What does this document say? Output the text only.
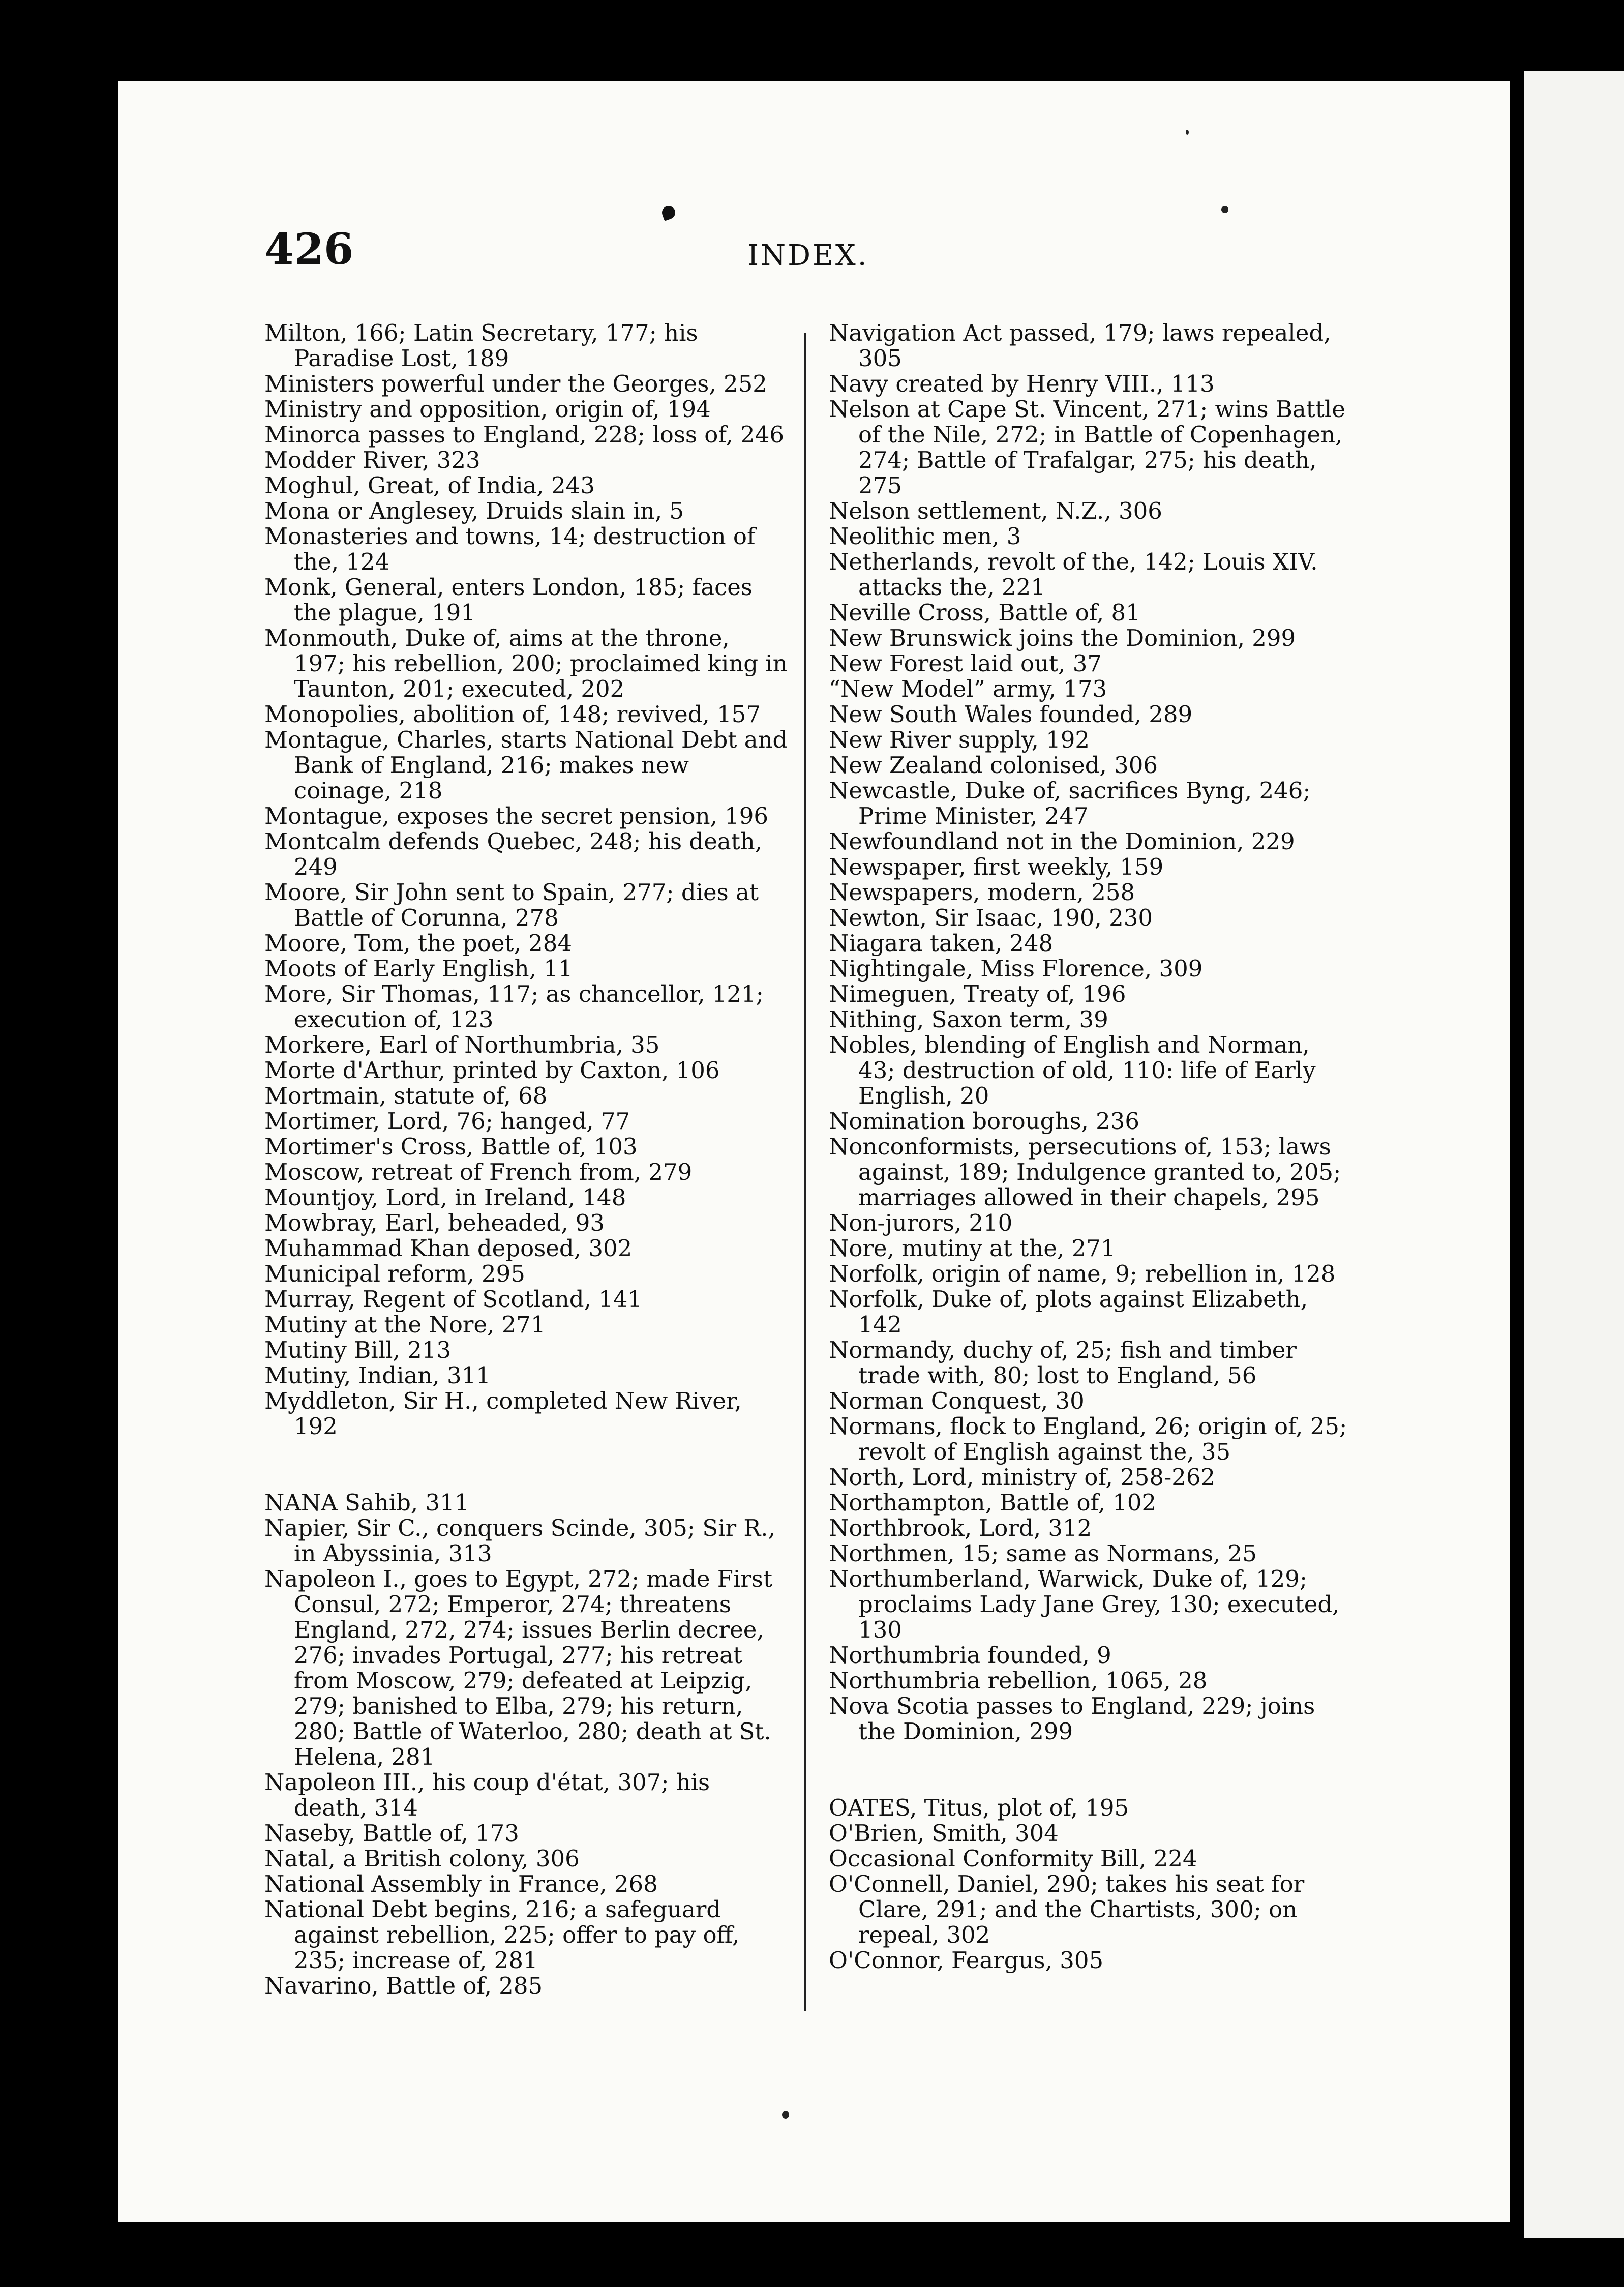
426	INDEX.

Milton, 166; Latin Secretary, 177; his Paradise Lost, 189

Ministers powerful under the Georges, 252

Ministry and opposition, origin of, 194

Minorca passes to England, 228; loss of, 246

Modder River, 323

Moghul, Great, of India, 243

Mona or Anglesey, Druids slain in, 5

Monasteries and towns, 14; destruction of the, 124

Monk, General, enters London, 185; faces the plague, 191

Monmouth, Duke of, aims at the throne, 197; his rebellion, 200; proclaimed king in Taunton, 201; executed, 202

Monopolies, abolition of, 148; revived, 157

Montague, Charles, starts National Debt and Bank of England, 216; makes new coinage, 218

Montague, exposes the secret pension, 196

Montcalm defends Quebec, 248; his death, 249

Moore, Sir John sent to Spain, 277; dies at Battle of Corunna, 278

Moore, Tom, the poet, 284

Moots of Early English, 11

More, Sir Thomas, 117; as chancellor, 121; execution of, 123

Morkere, Earl of Northumbria, 35

Morte d'Arthur, printed by Caxton, 106

Mortmain, statute of, 68

Mortimer, Lord, 76; hanged, 77

Mortimer's Cross, Battle of, 103

Moscow, retreat of French from, 279

Mountjoy, Lord, in Ireland, 148

Mowbray, Earl, beheaded, 93

Muhammad Khan deposed, 302

Municipal reform, 295

Murray, Regent of Scotland, 141

Mutiny at the Nore, 271

Mutiny Bill, 213

Mutiny, Indian, 311

Myddleton, Sir H., completed New River, 192

NANA Sahib, 311

Napier, Sir C., conquers Scinde, 305; Sir R., in Abyssinia, 313

Napoleon I., goes to Egypt, 272; made First Consul, 272; Emperor, 274; threatens England, 272, 274; issues Berlin decree, 276; invades Portugal, 277; his retreat from Moscow, 279; defeated at Leipzig, 279; banished to Elba, 279; his return, 280; Battle of Waterloo, 280; death at St. Helena, 281

Napoleon III., his coup d'état, 307; his death, 314

Naseby, Battle of, 173

Natal, a British colony, 306

National Assembly in France, 268

National Debt begins, 216; a safeguard against rebellion, 225; offer to pay off, 235; increase of, 281

Navarino, Battle of, 285

Navigation Act passed, 179; laws repealed, 305

Navy created by Henry VIII., 113

Nelson at Cape St. Vincent, 271; wins Battle of the Nile, 272; in Battle of Copenhagen, 274; Battle of Trafalgar, 275; his death, 275

Nelson settlement, N.Z., 306

Neolithic men, 3

Netherlands, revolt of the, 142; Louis XIV. attacks the, 221

Neville Cross, Battle of, 81

New Brunswick joins the Dominion, 299

New Forest laid out, 37

“New Model” army, 173

New South Wales founded, 289

New River supply, 192

New Zealand colonised, 306

Newcastle, Duke of, sacrifices Byng, 246; Prime Minister, 247

Newfoundland not in the Dominion, 229

Newspaper, first weekly, 159

Newspapers, modern, 258

Newton, Sir Isaac, 190, 230

Niagara taken, 248

Nightingale, Miss Florence, 309

Nimeguen, Treaty of, 196

Nithing, Saxon term, 39

Nobles, blending of English and Norman, 43; destruction of old, 110: life of Early English, 20

Nomination boroughs, 236

Nonconformists, persecutions of, 153; laws against, 189; Indulgence granted to, 205; marriages allowed in their chapels, 295

Non-jurors, 210

Nore, mutiny at the, 271

Norfolk, origin of name, 9; rebellion in, 128

Norfolk, Duke of, plots against Elizabeth, 142

Normandy, duchy of, 25; fish and timber trade with, 80; lost to England, 56

Norman Conquest, 30

Normans, flock to England, 26; origin of, 25; revolt of English against the, 35

North, Lord, ministry of, 258-262

Northampton, Battle of, 102

Northbrook, Lord, 312

Northmen, 15; same as Normans, 25

Northumberland, Warwick, Duke of, 129; proclaims Lady Jane Grey, 130; executed, 130

Northumbria founded, 9

Northumbria rebellion, 1065, 28

Nova Scotia passes to England, 229; joins the Dominion, 299

OATES, Titus, plot of, 195

O'Brien, Smith, 304

Occasional Conformity Bill, 224

O'Connell, Daniel, 290; takes his seat for Clare, 291; and the Chartists, 300; on repeal, 302

O'Connor, Feargus, 305
